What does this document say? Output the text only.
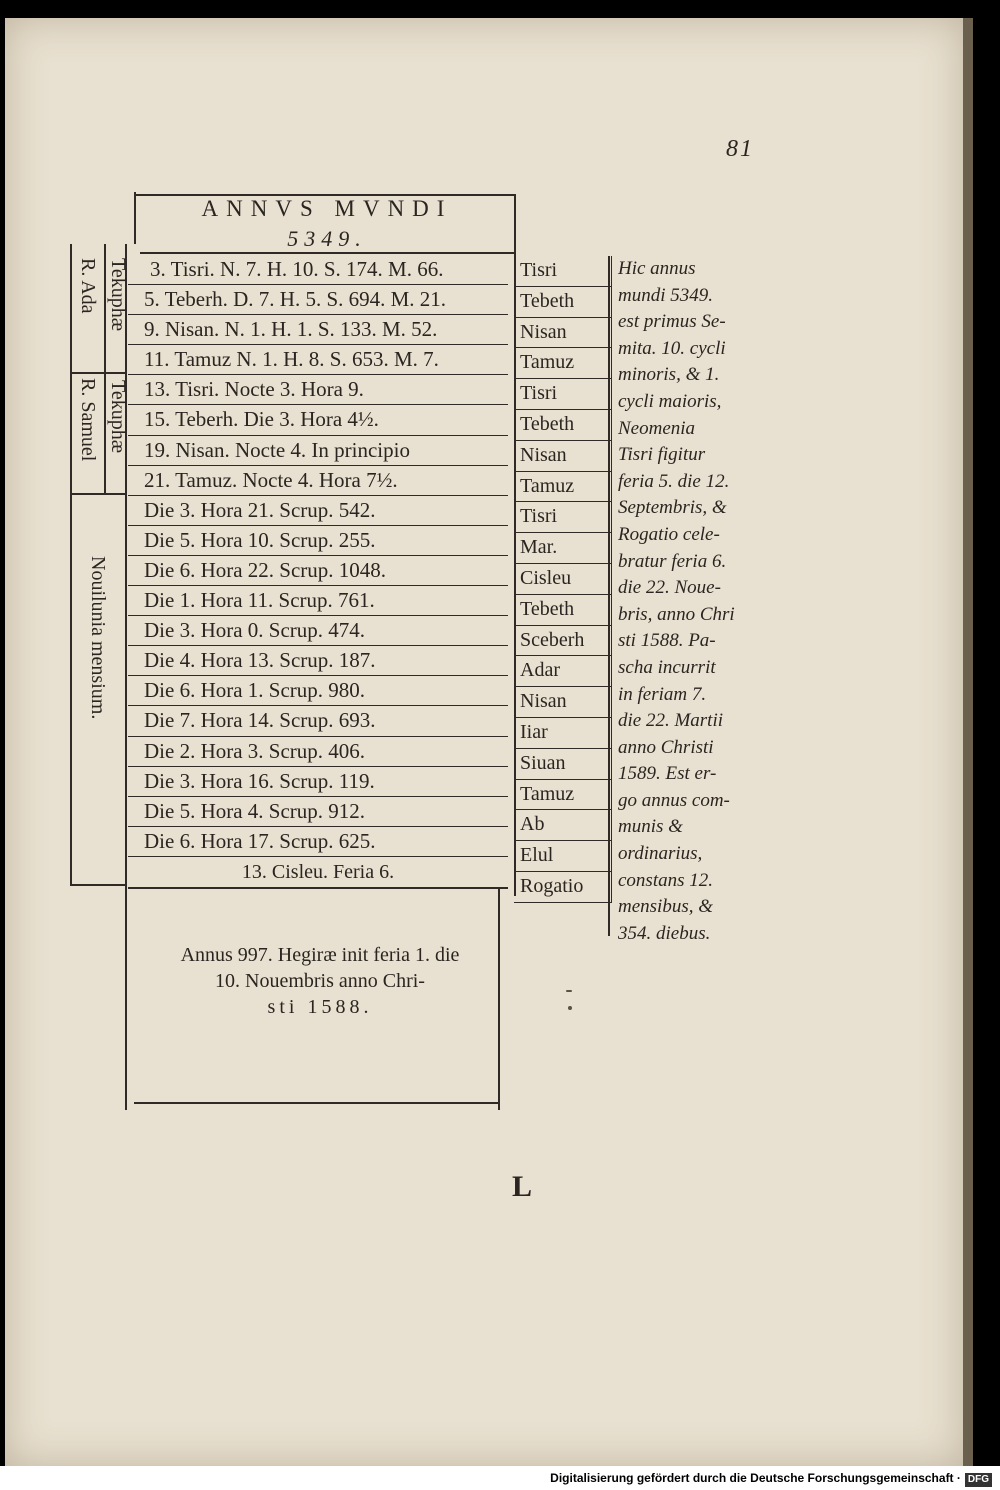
81
ANNVS MVNDI
5349.
Tekuphæ
R. Ada
Tekuphæ
R. Samuel
Nouilunia mensium.
3. Tisri. N. 7. H. 10. S. 174. M. 66.
5. Teberh. D. 7. H. 5. S. 694. M. 21.
9. Nisan. N. 1. H. 1. S. 133. M. 52.
11. Tamuz N. 1. H. 8. S. 653. M. 7.
13. Tisri. Nocte 3. Hora 9.
15. Teberh. Die 3. Hora 4½.
19. Nisan. Nocte 4. In principio
21. Tamuz. Nocte 4. Hora 7½.
Die 3. Hora 21. Scrup. 542.
Die 5. Hora 10. Scrup. 255.
Die 6. Hora 22. Scrup. 1048.
Die 1. Hora 11. Scrup. 761.
Die 3. Hora 0. Scrup. 474.
Die 4. Hora 13. Scrup. 187.
Die 6. Hora 1. Scrup. 980.
Die 7. Hora 14. Scrup. 693.
Die 2. Hora 3. Scrup. 406.
Die 3. Hora 16. Scrup. 119.
Die 5. Hora 4. Scrup. 912.
Die 6. Hora 17. Scrup. 625.
13. Cisleu. Feria 6.
Tisri
Tebeth
Nisan
Tamuz
Tisri
Tebeth
Nisan
Tamuz
Tisri
Mar.
Cisleu
Tebeth
Sceberh
Adar
Nisan
Iiar
Siuan
Tamuz
Ab
Elul
Rogatio
Hic annus
mundi 5349.
est primus Se-
mita. 10. cycli
minoris, & 1.
cycli maioris,
Neomenia
Tisri figitur
feria 5. die 12.
Septembris, &
Rogatio cele-
bratur feria 6.
die 22. Noue-
bris, anno Chri
sti 1588. Pa-
scha incurrit
in feriam 7.
die 22. Martii
anno Christi
1589. Est er-
go annus com-
munis &
ordinarius,
constans 12.
mensibus, &
354. diebus.
Annus 997. Hegiræ init feria 1. die
10. Nouembris anno Chri-
sti 1588.
L
Digitalisierung gefördert durch die Deutsche Forschungsgemeinschaft · DFG
